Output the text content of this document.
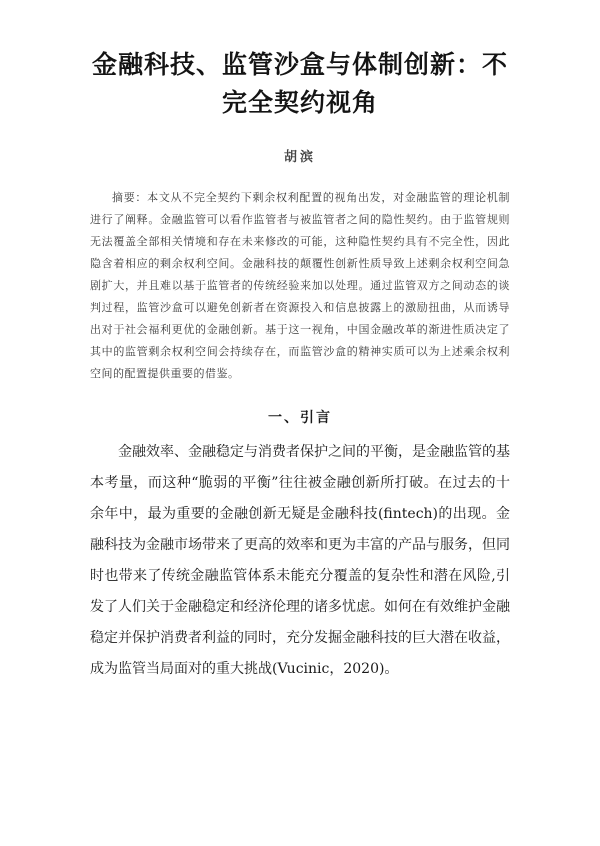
金融科技、监管沙盒与体制创新：不完全契约视角
胡滨
摘要：本文从不完全契约下剩余权利配置的视角出发，对金融监管的理论机制进行了阐释。金融监管可以看作监管者与被监管者之间的隐性契约。由于监管规则无法覆盖全部相关情境和存在未来修改的可能，这种隐性契约具有不完全性，因此隐含着相应的剩余权利空间。金融科技的颠覆性创新性质导致上述剩余权利空间急剧扩大，并且难以基于监管者的传统经验来加以处理。通过监管双方之间动态的谈判过程，监管沙盒可以避免创新者在资源投入和信息披露上的激励扭曲，从而诱导出对于社会福利更优的金融创新。基于这一视角，中国金融改革的渐进性质决定了其中的监管剩余权利空间会持续存在，而监管沙盒的精神实质可以为上述乘余权利空间的配置提供重要的借鉴。
一、引言
金融效率、金融稳定与消费者保护之间的平衡，是金融监管的基本考量，而这种“脆弱的平衡”往往被金融创新所打破。在过去的十余年中，最为重要的金融创新无疑是金融科技(fintech)的出现。金融科技为金融市场带来了更高的效率和更为丰富的产品与服务，但同时也带来了传统金融监管体系未能充分覆盖的复杂性和潜在风险,引发了人们关于金融稳定和经济伦理的诸多忧虑。如何在有效维护金融稳定并保护消费者利益的同时，充分发掘金融科技的巨大潜在收益，成为监管当局面对的重大挑战(Vucinic，2020)。
